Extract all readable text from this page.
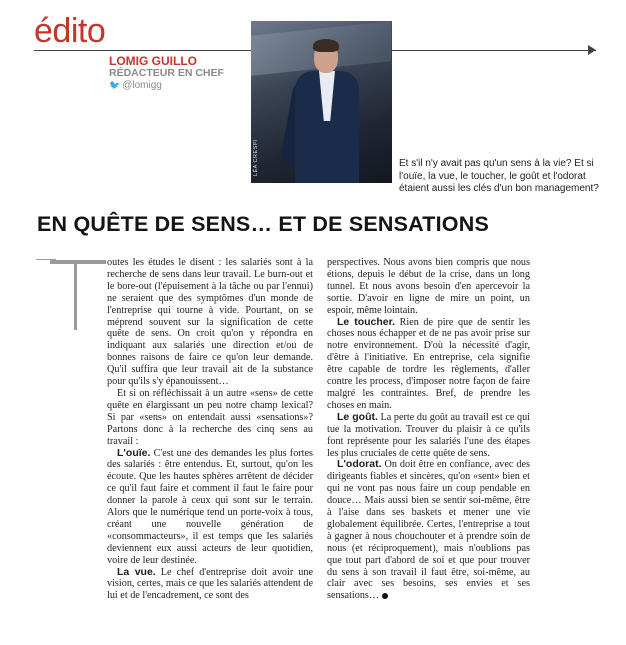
édito
LOMIG GUILLO
RÉDACTEUR EN CHEF
🐦 @lomigg
LÉA CRESPI	Et s'il n'y avait pas qu'un sens à la vie? Et si l'ouïe, la vue, le toucher, le goût et l'odorat étaient aussi les clés d'un bon management?
EN QUÊTE DE SENS… ET DE SENSATIONS

outes les études le disent : les salariés sont à la recherche de sens dans leur travail. Le burn-out et le bore-out (l'épuisement à la tâche ou par l'ennui) ne seraient que des symptômes d'un monde de l'entreprise qui tourne à vide. Pourtant, on se méprend souvent sur la signification de cette quête de sens. On croit qu'on y répondra en indiquant aux salariés une direction et/ou de bonnes raisons de faire ce qu'on leur demande. Qu'il suffira que leur travail ait de la substance pour qu'ils s'y épanouissent…

Et si on réfléchissait à un autre «sens» de cette quête en élargissant un peu notre champ lexical? Si par «sens» on entendait aussi «sensations»? Partons donc à la recherche des cinq sens au travail :

L'ouïe. C'est une des demandes les plus fortes des salariés : être entendus. Et, surtout, qu'on les écoute. Que les hautes sphères arrêtent de décider ce qu'il faut faire et comment il faut le faire pour donner la parole à ceux qui sont sur le terrain. Alors que le numérique tend un porte-voix à tous, créant une nouvelle génération de «consommacteurs», il est temps que les salariés deviennent eux aussi acteurs de leur quotidien, voire de leur destinée.

La vue. Le chef d'entreprise doit avoir une vision, certes, mais ce que les salariés attendent de lui et de l'encadrement, ce sont des

perspectives. Nous avons bien compris que nous étions, depuis le début de la crise, dans un long tunnel. Et nous avons besoin d'en apercevoir la sortie. D'avoir en ligne de mire un point, un espoir, même lointain.

Le toucher. Rien de pire que de sentir les choses nous échapper et de ne pas avoir prise sur notre environnement. D'où la nécessité d'agir, d'être à l'initiative. En entreprise, cela signifie être capable de tordre les règlements, d'aller contre les process, d'imposer notre façon de faire malgré les contraintes. Bref, de prendre les choses en main.

Le goût. La perte du goût au travail est ce qui tue la motivation. Trouver du plaisir à ce qu'ils font représente pour les salariés l'une des étapes les plus cruciales de cette quête de sens.

L'odorat. On doit être en confiance, avec des dirigeants fiables et sincères, qu'on «sent» bien et qui ne vont pas nous faire un coup pendable en douce… Mais aussi bien se sentir soi-même, être à l'aise dans ses baskets et mener une vie globalement équilibrée. Certes, l'entreprise a tout à gagner à nous chouchouter et à prendre soin de nous (et réciproquement), mais n'oublions pas que tout part d'abord de soi et que pour trouver du sens à son travail il faut être, soi-même, au clair avec ses besoins, ses envies et ses sensations…
